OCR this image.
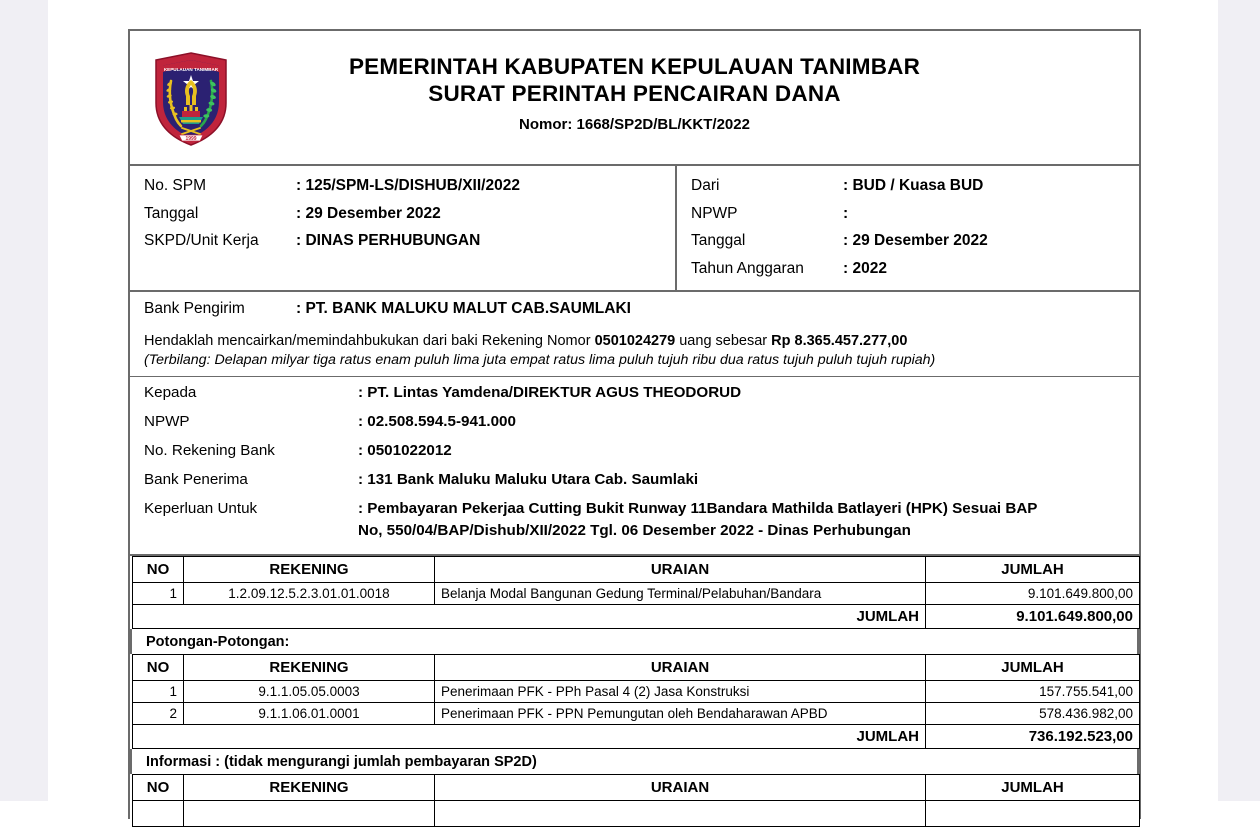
KEPULAUAN TANIMBAR
1999
PEMERINTAH KABUPATEN KEPULAUAN TANIMBAR
SURAT PERINTAH PENCAIRAN DANA
Nomor: 1668/SP2D/BL/KKT/2022
No. SPM	: 125/SPM-LS/DISHUB/XII/2022
Tanggal	: 29 Desember 2022
SKPD/Unit Kerja	: DINAS PERHUBUNGAN
Dari	: BUD / Kuasa BUD
NPWP	:
Tanggal	: 29 Desember 2022
Tahun Anggaran	: 2022
Bank Pengirim	: PT. BANK MALUKU MALUT CAB.SAUMLAKI
Hendaklah mencairkan/memindahbukukan dari baki Rekening Nomor 0501024279 uang sebesar Rp 8.365.457.277,00
(Terbilang: Delapan milyar tiga ratus enam puluh lima juta empat ratus lima puluh tujuh ribu dua ratus tujuh puluh tujuh rupiah)
Kepada	: PT. Lintas Yamdena/DIREKTUR AGUS THEODORUD
NPWP	: 02.508.594.5-941.000
No. Rekening Bank	: 0501022012
Bank Penerima	: 131 Bank Maluku Maluku Utara Cab. Saumlaki
Keperluan Untuk	: Pembayaran Pekerjaa Cutting Bukit Runway 11Bandara Mathilda Batlayeri (HPK) Sesuai BAP
No, 550/04/BAP/Dishub/XII/2022 Tgl. 06 Desember 2022 - Dinas Perhubungan
NO	REKENING	URAIAN	JUMLAH
1	1.2.09.12.5.2.3.01.01.0018	Belanja Modal Bangunan Gedung Terminal/Pelabuhan/Bandara	9.101.649.800,00
JUMLAH			9.101.649.800,00
Potongan-Potongan:
NO	REKENING	URAIAN	JUMLAH
1	9.1.1.05.05.0003	Penerimaan PFK - PPh Pasal 4 (2) Jasa Konstruksi	157.755.541,00
2	9.1.1.06.01.0001	Penerimaan PFK - PPN Pemungutan oleh Bendaharawan APBD	578.436.982,00
JUMLAH			736.192.523,00
Informasi : (tidak mengurangi jumlah pembayaran SP2D)
NO	REKENING	URAIAN	JUMLAH
